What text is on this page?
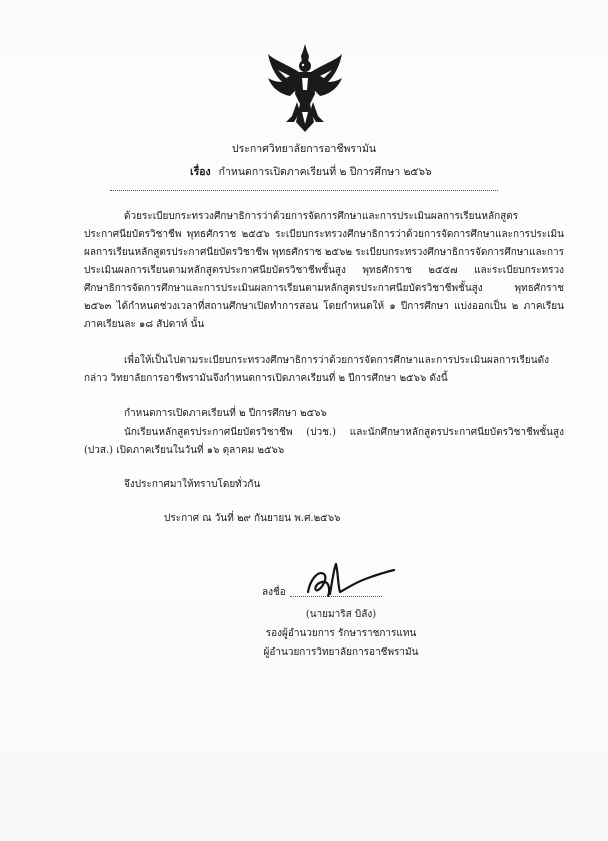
ประกาศวิทยาลัยการอาชีพรามัน
เรื่อง กำหนดการเปิดภาคเรียนที่ ๒ ปีการศึกษา ๒๕๖๖

ด้วยระเบียบกระทรวงศึกษาธิการว่าด้วยการจัดการศึกษาและการประเมินผลการเรียนหลักสูตรประกาศนียบัตรวิชาชีพ พุทธศักราช ๒๕๕๖ ระเบียบกระทรวงศึกษาธิการว่าด้วยการจัดการศึกษาและการประเมินผลการเรียนหลักสูตรประกาศนียบัตรวิชาชีพ พุทธศักราช ๒๕๖๒ ระเบียบกระทรวงศึกษาธิการจัดการศึกษาและการประเมินผลการเรียนตามหลักสูตรประกาศนียบัตรวิชาชีพชั้นสูง พุทธศักราช ๒๕๕๗ และระเบียบกระทรวงศึกษาธิการจัดการศึกษาและการประเมินผลการเรียนตามหลักสูตรประกาศนียบัตรวิชาชีพชั้นสูง พุทธศักราช ๒๕๖๓ ได้กำหนดช่วงเวลาที่สถานศึกษาเปิดทำการสอน โดยกำหนดให้ ๑ ปีการศึกษา แบ่งออกเป็น ๒ ภาคเรียน ภาคเรียนละ ๑๘ สัปดาห์ นั้น

เพื่อให้เป็นไปตามระเบียบกระทรวงศึกษาธิการว่าด้วยการจัดการศึกษาและการประเมินผลการเรียนดังกล่าว วิทยาลัยการอาชีพรามันจึงกำหนดการเปิดภาคเรียนที่ ๒ ปีการศึกษา ๒๕๖๖ ดังนี้

กำหนดการเปิดภาคเรียนที่ ๒ ปีการศึกษา ๒๕๖๖

นักเรียนหลักสูตรประกาศนียบัตรวิชาชีพ (ปวช.) และนักศึกษาหลักสูตรประกาศนียบัตรวิชาชีพชั้นสูง (ปวส.) เปิดภาคเรียนในวันที่ ๑๖ ตุลาคม ๒๕๖๖

จึงประกาศมาให้ทราบโดยทั่วกัน

ประกาศ ณ วันที่ ๒๙ กันยายน พ.ศ.๒๕๖๖
ลงชื่อ
(นายมาริส บิลัง)
รองผู้อำนวยการ รักษาราชการแทน
ผู้อำนวยการวิทยาลัยการอาชีพรามัน
